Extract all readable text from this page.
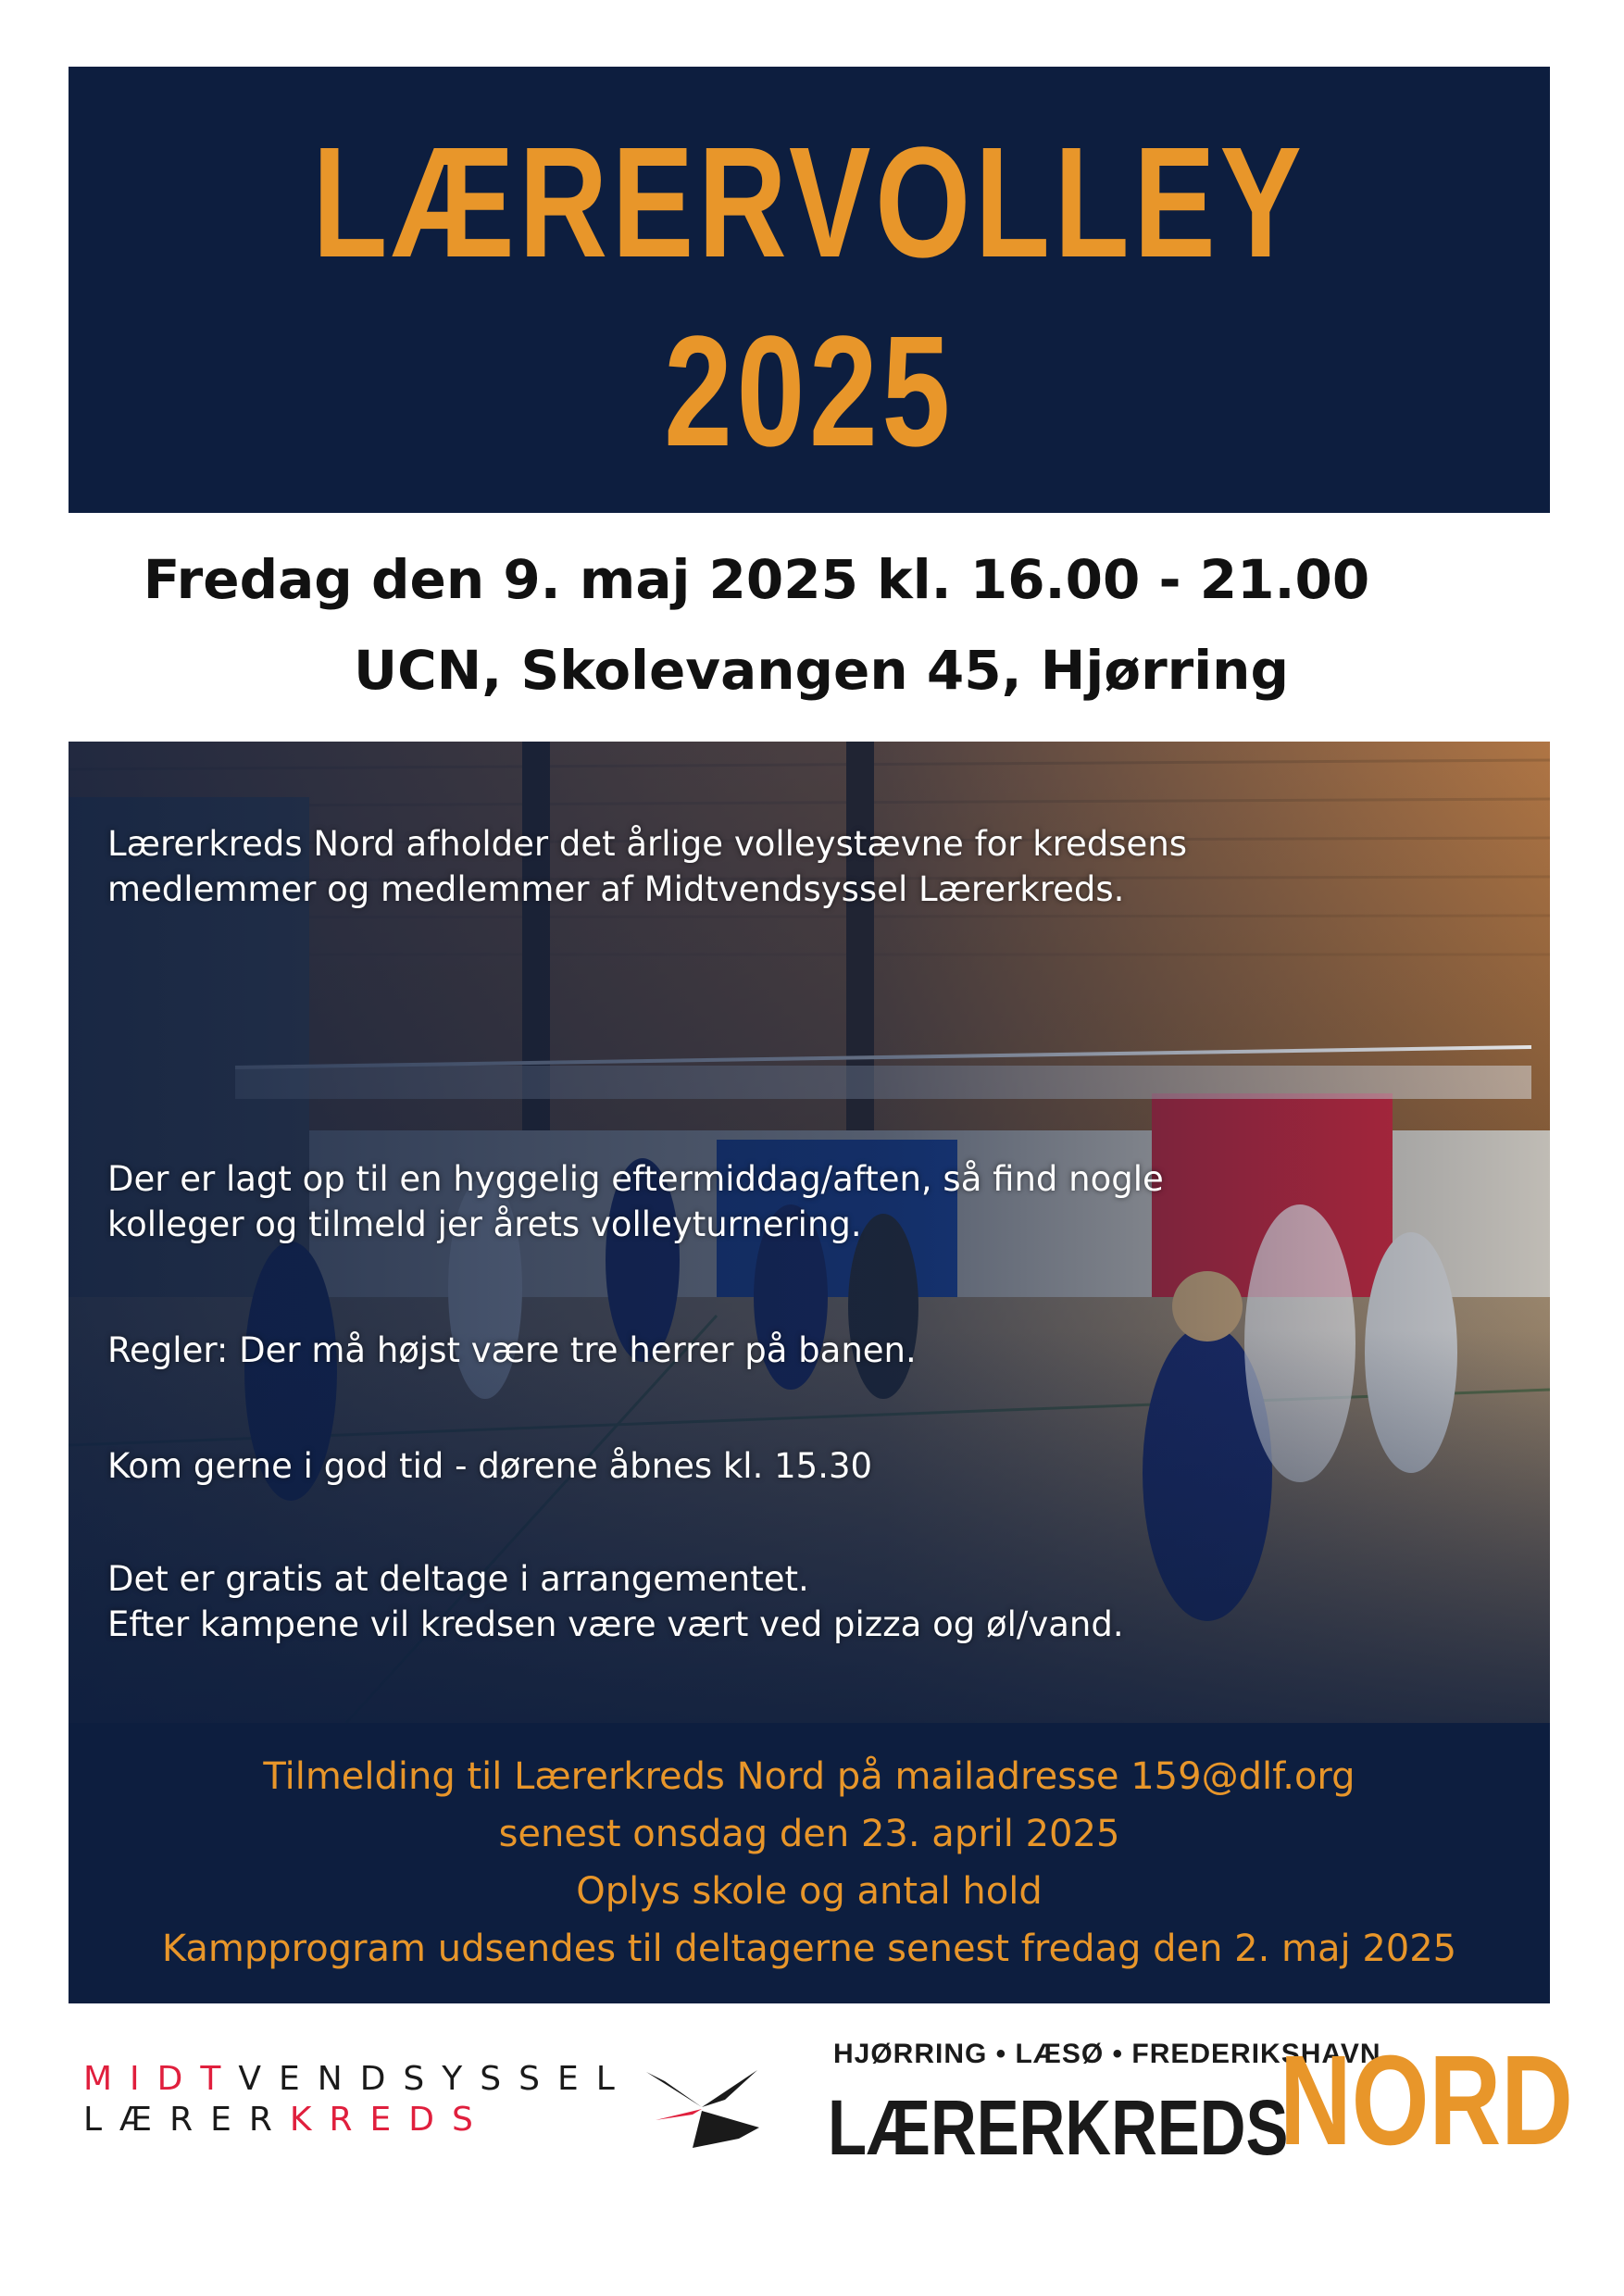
LÆRERVOLLEY
2025
Fredag den 9. maj 2025 kl. 16.00 - 21.00
UCN, Skolevangen 45, Hjørring
Lærerkreds Nord afholder det årlige volleystævne for kredsens
medlemmer og medlemmer af Midtvendsyssel Lærerkreds.
Der er lagt op til en hyggelig eftermiddag/aften, så find nogle
kolleger og tilmeld jer årets volleyturnering.
Regler: Der må højst være tre herrer på banen.
Kom gerne i god tid - dørene åbnes kl. 15.30
Det er gratis at deltage i arrangementet.
Efter kampene vil kredsen være vært ved pizza og øl/vand.
Tilmelding til Lærerkreds Nord på mailadresse 159@dlf.org
senest onsdag den 23. april 2025
Oplys skole og antal hold
Kampprogram udsendes til deltagerne senest fredag den 2. maj 2025
MIDTVENDSYSSEL
LÆRERKREDS
HJØRRING • LÆSØ • FREDERIKSHAVN
LÆRERKREDS
NORD
